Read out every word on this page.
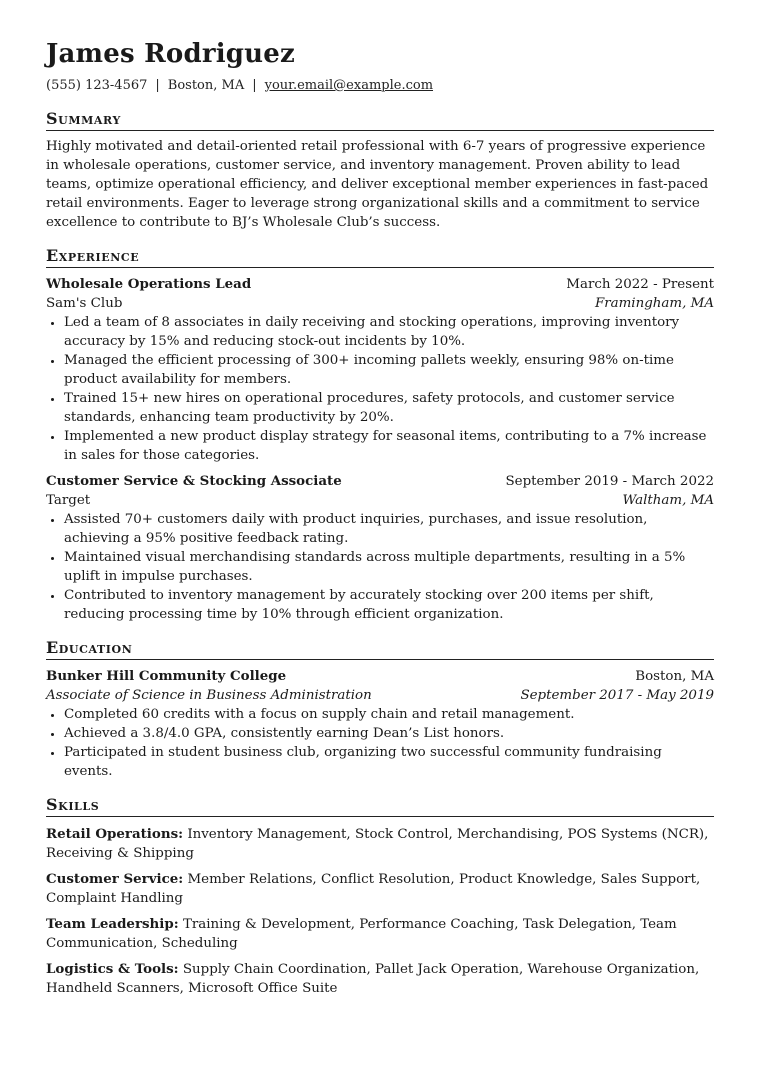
James Rodriguez
(555) 123-4567 | Boston, MA | your.email@example.com
Summary
Highly motivated and detail-oriented retail professional with 6-7 years of progressive experience in wholesale operations, customer service, and inventory management. Proven ability to lead teams, optimize operational efficiency, and deliver exceptional member experiences in fast-paced retail environments. Eager to leverage strong organizational skills and a commitment to service excellence to contribute to BJ’s Wholesale Club’s success.
Experience
Wholesale Operations Lead	March 2022 - Present
Sam's Club	Framingham, MA
• Led a team of 8 associates in daily receiving and stocking operations, improving inventory accuracy by 15% and reducing stock-out incidents by 10%.
• Managed the efficient processing of 300+ incoming pallets weekly, ensuring 98% on-time product availability for members.
• Trained 15+ new hires on operational procedures, safety protocols, and customer service standards, enhancing team productivity by 20%.
• Implemented a new product display strategy for seasonal items, contributing to a 7% increase in sales for those categories.
Customer Service & Stocking Associate	September 2019 - March 2022
Target	Waltham, MA
• Assisted 70+ customers daily with product inquiries, purchases, and issue resolution, achieving a 95% positive feedback rating.
• Maintained visual merchandising standards across multiple departments, resulting in a 5% uplift in impulse purchases.
• Contributed to inventory management by accurately stocking over 200 items per shift, reducing processing time by 10% through efficient organization.
Education
Bunker Hill Community College	Boston, MA
Associate of Science in Business Administration	September 2017 - May 2019
• Completed 60 credits with a focus on supply chain and retail management.
• Achieved a 3.8/4.0 GPA, consistently earning Dean’s List honors.
• Participated in student business club, organizing two successful community fundraising events.
Skills

Retail Operations: Inventory Management, Stock Control, Merchandising, POS Systems (NCR), Receiving & Shipping

Customer Service: Member Relations, Conflict Resolution, Product Knowledge, Sales Support, Complaint Handling

Team Leadership: Training & Development, Performance Coaching, Task Delegation, Team Communication, Scheduling

Logistics & Tools: Supply Chain Coordination, Pallet Jack Operation, Warehouse Organization, Handheld Scanners, Microsoft Office Suite
